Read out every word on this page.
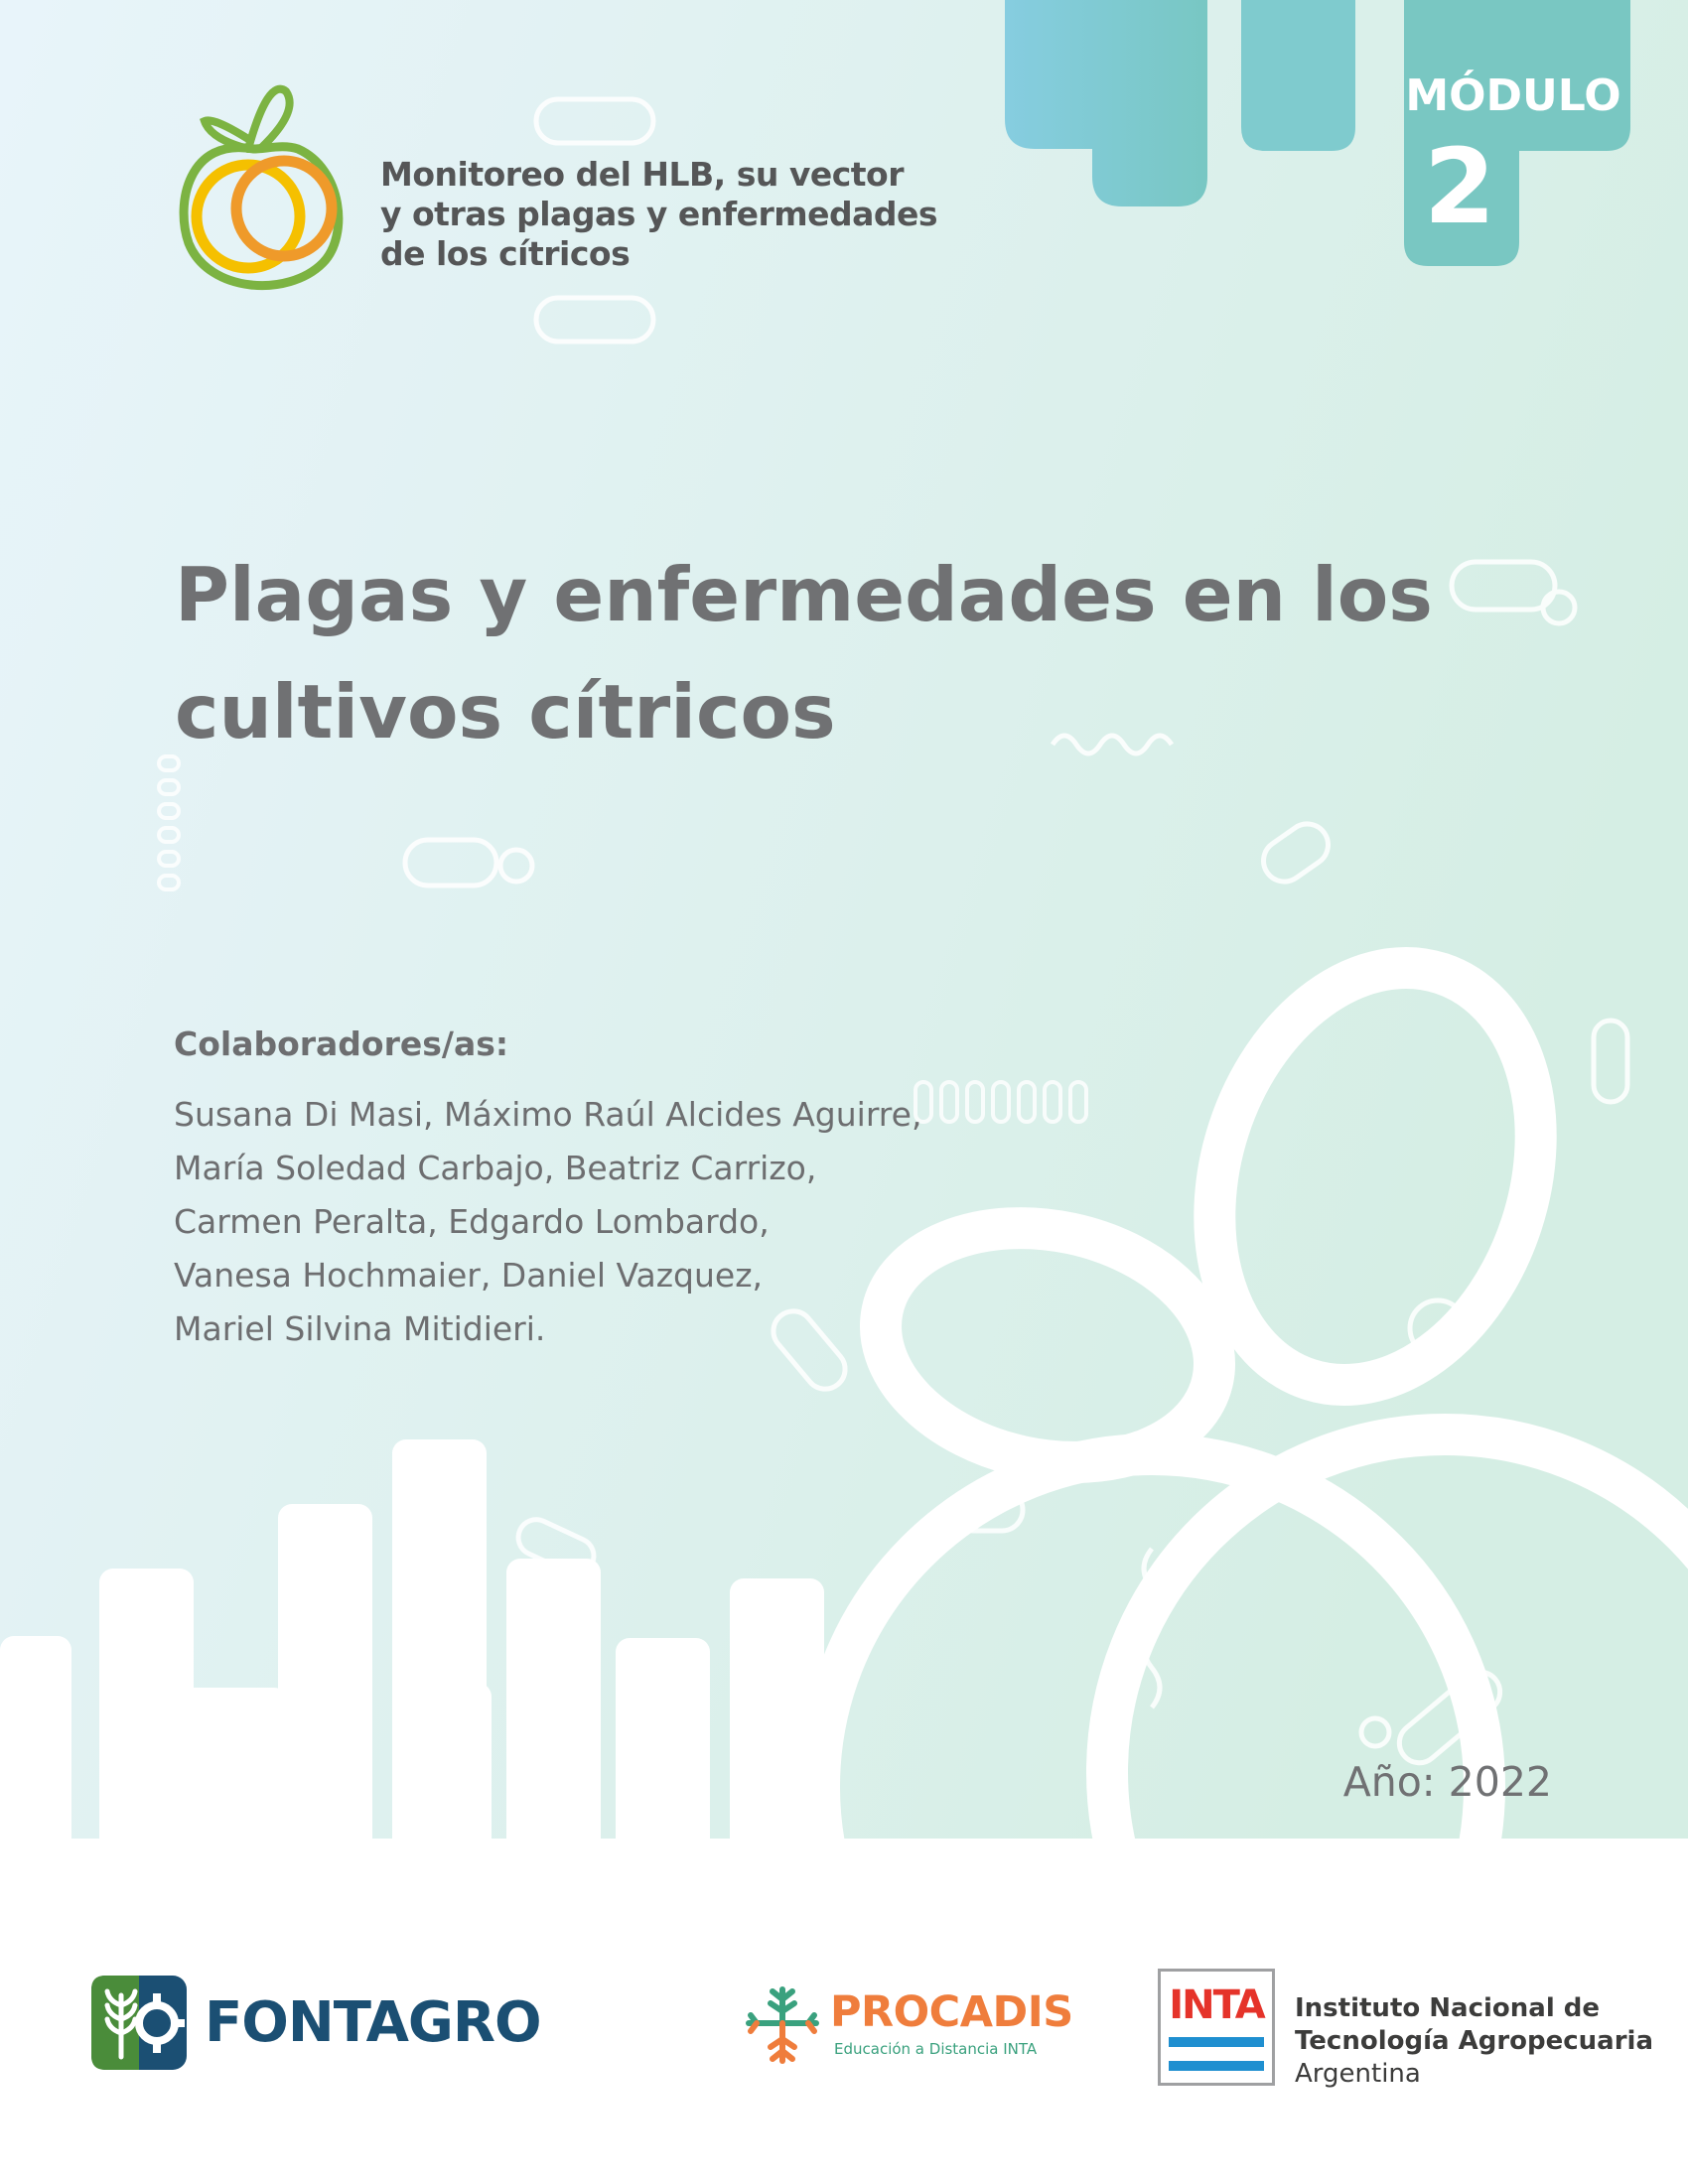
Monitoreo del HLB, su vector
y otras plagas y enfermedades
de los cítricos
MÓDULO
2
Plagas y enfermedades en los
cultivos cítricos
Colaboradores/as:
Susana Di Masi, Máximo Raúl Alcides Aguirre,
María Soledad Carbajo, Beatriz Carrizo,
Carmen Peralta, Edgardo Lombardo,
Vanesa Hochmaier, Daniel Vazquez,
Mariel Silvina Mitidieri.
Año: 2022
FONTAGRO	PROCADIS
Educación a Distancia INTA
INTA	Instituto Nacional de
Tecnología Agropecuaria
Argentina
